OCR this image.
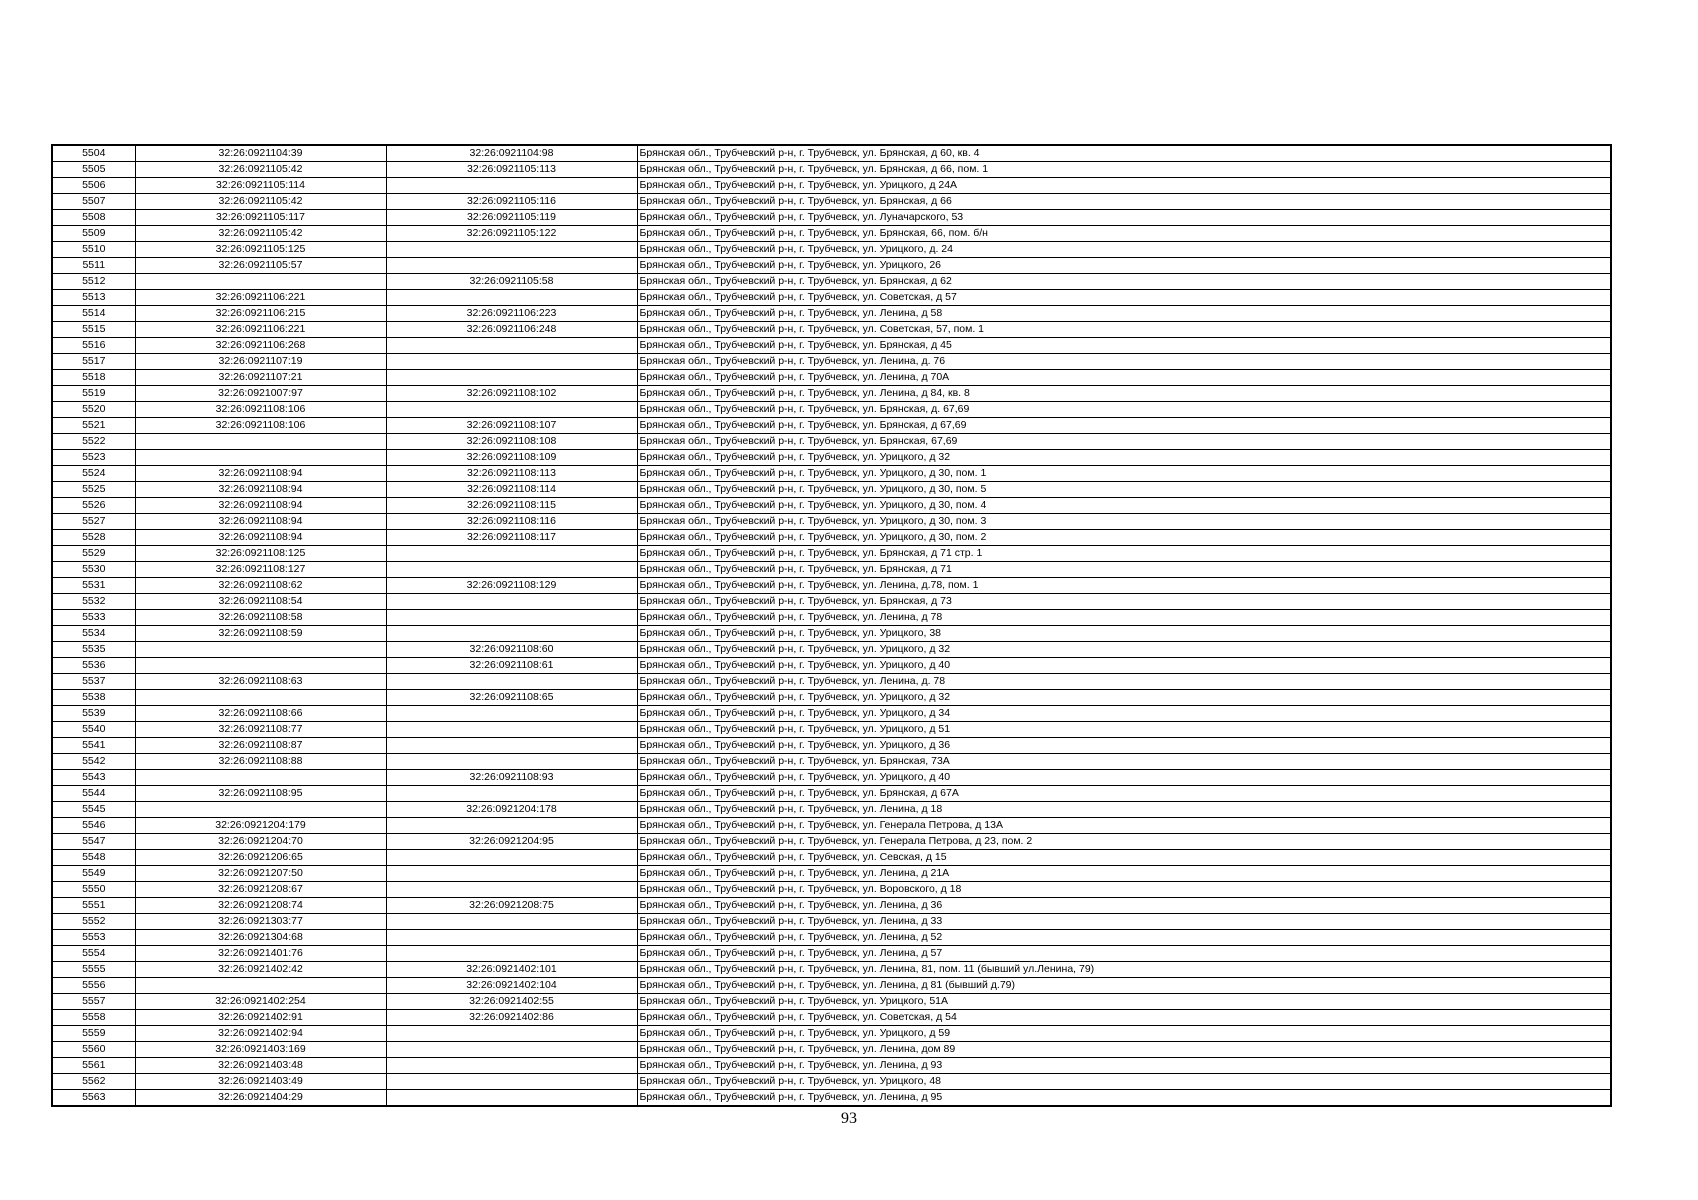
5504	32:26:0921104:39	32:26:0921104:98	Брянская обл., Трубчевский р-н, г. Трубчевск, ул. Брянская, д 60, кв. 4
5505	32:26:0921105:42	32:26:0921105:113	Брянская обл., Трубчевский р-н, г. Трубчевск, ул. Брянская, д 66, пом. 1
5506	32:26:0921105:114		Брянская обл., Трубчевский р-н, г. Трубчевск, ул. Урицкого, д 24А
5507	32:26:0921105:42	32:26:0921105:116	Брянская обл., Трубчевский р-н, г. Трубчевск, ул. Брянская, д 66
5508	32:26:0921105:117	32:26:0921105:119	Брянская обл., Трубчевский р-н, г. Трубчевск, ул. Луначарского, 53
5509	32:26:0921105:42	32:26:0921105:122	Брянская обл., Трубчевский р-н, г. Трубчевск, ул. Брянская, 66, пом. б/н
5510	32:26:0921105:125		Брянская обл., Трубчевский р-н, г. Трубчевск, ул. Урицкого, д. 24
5511	32:26:0921105:57		Брянская обл., Трубчевский р-н, г. Трубчевск, ул. Урицкого, 26
5512		32:26:0921105:58	Брянская обл., Трубчевский р-н, г. Трубчевск, ул. Брянская, д 62
5513	32:26:0921106:221		Брянская обл., Трубчевский р-н, г. Трубчевск, ул. Советская, д 57
5514	32:26:0921106:215	32:26:0921106:223	Брянская обл., Трубчевский р-н, г. Трубчевск, ул. Ленина, д 58
5515	32:26:0921106:221	32:26:0921106:248	Брянская обл., Трубчевский р-н, г. Трубчевск, ул. Советская, 57, пом. 1
5516	32:26:0921106:268		Брянская обл., Трубчевский р-н, г. Трубчевск, ул. Брянская, д 45
5517	32:26:0921107:19		Брянская обл., Трубчевский р-н, г. Трубчевск, ул. Ленина, д. 76
5518	32:26:0921107:21		Брянская обл., Трубчевский р-н, г. Трубчевск, ул. Ленина, д 70А
5519	32:26:0921007:97	32:26:0921108:102	Брянская обл., Трубчевский р-н, г. Трубчевск, ул. Ленина, д 84, кв. 8
5520	32:26:0921108:106		Брянская обл., Трубчевский р-н, г. Трубчевск, ул. Брянская, д. 67,69
5521	32:26:0921108:106	32:26:0921108:107	Брянская обл., Трубчевский р-н, г. Трубчевск, ул. Брянская, д 67,69
5522		32:26:0921108:108	Брянская обл., Трубчевский р-н, г. Трубчевск, ул. Брянская, 67,69
5523		32:26:0921108:109	Брянская обл., Трубчевский р-н, г. Трубчевск, ул. Урицкого, д 32
5524	32:26:0921108:94	32:26:0921108:113	Брянская обл., Трубчевский р-н, г. Трубчевск, ул. Урицкого, д 30, пом. 1
5525	32:26:0921108:94	32:26:0921108:114	Брянская обл., Трубчевский р-н, г. Трубчевск, ул. Урицкого, д 30, пом. 5
5526	32:26:0921108:94	32:26:0921108:115	Брянская обл., Трубчевский р-н, г. Трубчевск, ул. Урицкого, д 30, пом. 4
5527	32:26:0921108:94	32:26:0921108:116	Брянская обл., Трубчевский р-н, г. Трубчевск, ул. Урицкого, д 30, пом. 3
5528	32:26:0921108:94	32:26:0921108:117	Брянская обл., Трубчевский р-н, г. Трубчевск, ул. Урицкого, д 30, пом. 2
5529	32:26:0921108:125		Брянская обл., Трубчевский р-н, г. Трубчевск, ул. Брянская, д 71 стр. 1
5530	32:26:0921108:127		Брянская обл., Трубчевский р-н, г. Трубчевск, ул. Брянская, д 71
5531	32:26:0921108:62	32:26:0921108:129	Брянская обл., Трубчевский р-н, г. Трубчевск, ул. Ленина, д.78, пом. 1
5532	32:26:0921108:54		Брянская обл., Трубчевский р-н, г. Трубчевск, ул. Брянская, д 73
5533	32:26:0921108:58		Брянская обл., Трубчевский р-н, г. Трубчевск, ул. Ленина, д 78
5534	32:26:0921108:59		Брянская обл., Трубчевский р-н, г. Трубчевск, ул. Урицкого, 38
5535		32:26:0921108:60	Брянская обл., Трубчевский р-н, г. Трубчевск, ул. Урицкого, д 32
5536		32:26:0921108:61	Брянская обл., Трубчевский р-н, г. Трубчевск, ул. Урицкого, д 40
5537	32:26:0921108:63		Брянская обл., Трубчевский р-н, г. Трубчевск, ул. Ленина, д. 78
5538		32:26:0921108:65	Брянская обл., Трубчевский р-н, г. Трубчевск, ул. Урицкого, д 32
5539	32:26:0921108:66		Брянская обл., Трубчевский р-н, г. Трубчевск, ул. Урицкого, д 34
5540	32:26:0921108:77		Брянская обл., Трубчевский р-н, г. Трубчевск, ул. Урицкого, д 51
5541	32:26:0921108:87		Брянская обл., Трубчевский р-н, г. Трубчевск, ул. Урицкого, д 36
5542	32:26:0921108:88		Брянская обл., Трубчевский р-н, г. Трубчевск, ул. Брянская, 73А
5543		32:26:0921108:93	Брянская обл., Трубчевский р-н, г. Трубчевск, ул. Урицкого, д 40
5544	32:26:0921108:95		Брянская обл., Трубчевский р-н, г. Трубчевск, ул. Брянская, д 67А
5545		32:26:0921204:178	Брянская обл., Трубчевский р-н, г. Трубчевск, ул. Ленина, д 18
5546	32:26:0921204:179		Брянская обл., Трубчевский р-н, г. Трубчевск, ул. Генерала Петрова, д 13А
5547	32:26:0921204:70	32:26:0921204:95	Брянская обл., Трубчевский р-н, г. Трубчевск, ул. Генерала Петрова, д 23, пом. 2
5548	32:26:0921206:65		Брянская обл., Трубчевский р-н, г. Трубчевск, ул. Севская, д 15
5549	32:26:0921207:50		Брянская обл., Трубчевский р-н, г. Трубчевск, ул. Ленина, д 21А
5550	32:26:0921208:67		Брянская обл., Трубчевский р-н, г. Трубчевск, ул. Воровского, д 18
5551	32:26:0921208:74	32:26:0921208:75	Брянская обл., Трубчевский р-н, г. Трубчевск, ул. Ленина, д 36
5552	32:26:0921303:77		Брянская обл., Трубчевский р-н, г. Трубчевск, ул. Ленина, д 33
5553	32:26:0921304:68		Брянская обл., Трубчевский р-н, г. Трубчевск, ул. Ленина, д 52
5554	32:26:0921401:76		Брянская обл., Трубчевский р-н, г. Трубчевск, ул. Ленина, д 57
5555	32:26:0921402:42	32:26:0921402:101	Брянская обл., Трубчевский р-н, г. Трубчевск, ул. Ленина, 81, пом. 11 (бывший ул.Ленина, 79)
5556		32:26:0921402:104	Брянская обл., Трубчевский р-н, г. Трубчевск, ул. Ленина, д 81 (бывший д.79)
5557	32:26:0921402:254	32:26:0921402:55	Брянская обл., Трубчевский р-н, г. Трубчевск, ул. Урицкого, 51А
5558	32:26:0921402:91	32:26:0921402:86	Брянская обл., Трубчевский р-н, г. Трубчевск, ул. Советская, д 54
5559	32:26:0921402:94		Брянская обл., Трубчевский р-н, г. Трубчевск, ул. Урицкого, д 59
5560	32:26:0921403:169		Брянская обл., Трубчевский р-н, г. Трубчевск, ул. Ленина, дом 89
5561	32:26:0921403:48		Брянская обл., Трубчевский р-н, г. Трубчевск, ул. Ленина, д 93
5562	32:26:0921403:49		Брянская обл., Трубчевский р-н, г. Трубчевск, ул. Урицкого, 48
5563	32:26:0921404:29		Брянская обл., Трубчевский р-н, г. Трубчевск, ул. Ленина, д 95
93
